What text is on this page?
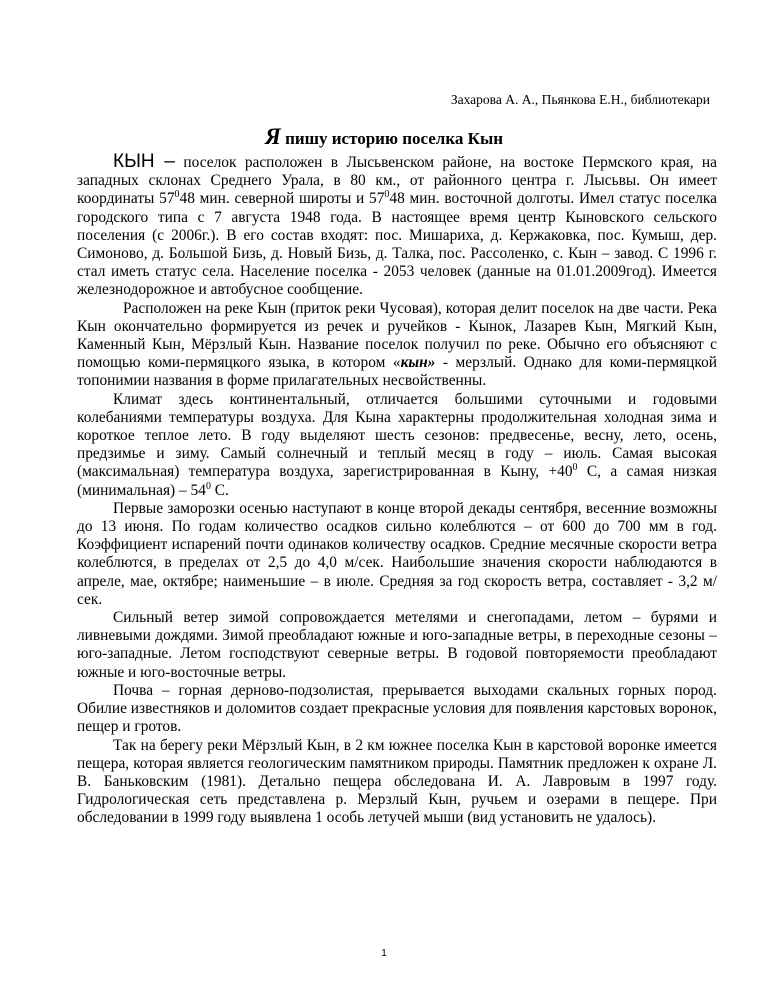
Захарова А. А., Пьянкова Е.Н., библиотекари
Я пишу историю поселка Кын

КЫН – поселок расположен в Лысьвенском районе, на востоке Пермского края, на западных склонах Среднего Урала, в 80 км., от районного центра г. Лысьвы. Он имеет координаты $57^048$ мин. северной широты и $57^048$ мин. восточной долготы. Имел статус поселка городского типа с 7 августа 1948 года. В настоящее время центр Кыновского сельского поселения (с 2006г.). В его состав входят: пос. Мишариха, д. Кержаковка, пос. Кумыш, дер. Симоново, д. Большой Бизь, д. Новый Бизь, д. Талка, пос. Рассоленко, с. Кын – завод. С 1996 г. стал иметь статус села. Население поселка - 2053 человек (данные на 01.01.2009год). Имеется железнодорожное и автобусное сообщение.

Расположен на реке Кын (приток реки Чусовая), которая делит поселок на две части. Река Кын окончательно формируется из речек и ручейков - Кынок, Лазарев Кын, Мягкий Кын, Каменный Кын, Мёрзлый Кын. Название поселок получил по реке. Обычно его объясняют с помощью коми-пермяцкого языка, в котором «кын» - мерзлый. Однако для коми-пермяцкой топонимии названия в форме прилагательных несвойственны.

Климат здесь континентальный, отличается большими суточными и годовыми колебаниями температуры воздуха. Для Кына характерны продолжительная холодная зима и короткое теплое лето. В году выделяют шесть сезонов: предвесенье, весну, лето, осень, предзимье и зиму. Самый солнечный и теплый месяц в году – июль. Самая высокая (максимальная) температура воздуха, зарегистрированная в Кыну, $+40^0$ С, а самая низкая (минимальная) – $54^0$ С.

Первые заморозки осенью наступают в конце второй декады сентября, весенние возможны до 13 июня. По годам количество осадков сильно колеблются – от 600 до 700 мм в год. Коэффициент испарений почти одинаков количеству осадков. Средние месячные скорости ветра колеблются, в пределах от 2,5 до 4,0 м/сек. Наибольшие значения скорости наблюдаются в апреле, мае, октябре; наименьшие – в июле. Средняя за год скорость ветра, составляет - 3,2 м/сек.

Сильный ветер зимой сопровождается метелями и снегопадами, летом – бурями и ливневыми дождями. Зимой преобладают южные и юго-западные ветры, в переходные сезоны – юго-западные. Летом господствуют северные ветры. В годовой повторяемости преобладают южные и юго-восточные ветры.

Почва – горная дерново-подзолистая, прерывается выходами скальных горных пород. Обилие известняков и доломитов создает прекрасные условия для появления карстовых воронок, пещер и гротов.

Так на берегу реки Мёрзлый Кын, в 2 км южнее поселка Кын в карстовой воронке имеется пещера, которая является геологическим памятником природы. Памятник предложен к охране Л. В. Баньковским (1981). Детально пещера обследована И. А. Лавровым в 1997 году. Гидрологическая сеть представлена р. Мерзлый Кын, ручьем и озерами в пещере. При обследовании в 1999 году выявлена 1 особь летучей мыши (вид установить не удалось).

1
